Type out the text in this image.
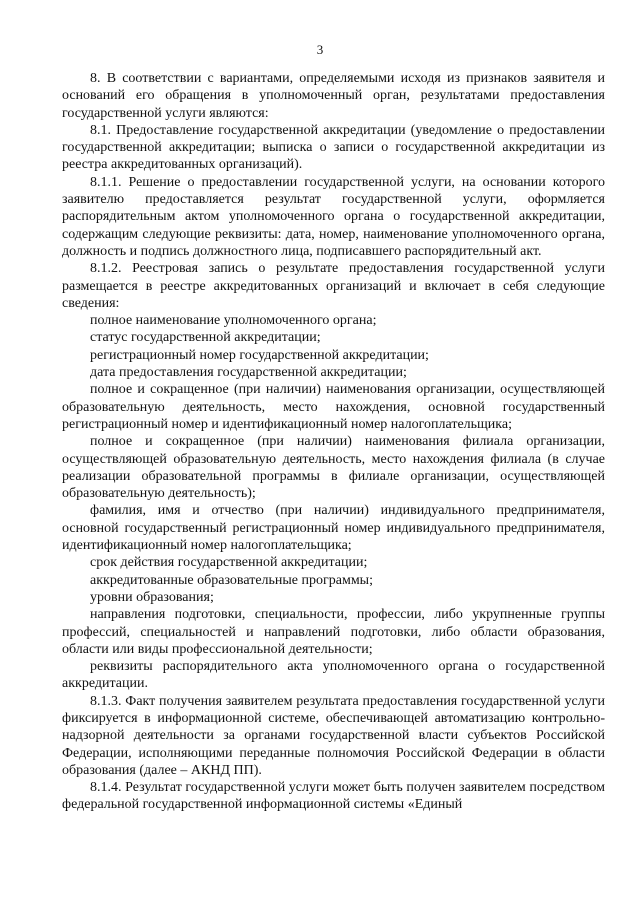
3

8. В соответствии с вариантами, определяемыми исходя из признаков заявителя и оснований его обращения в уполномоченный орган, результатами предоставления государственной услуги являются:

8.1. Предоставление государственной аккредитации (уведомление о предоставлении государственной аккредитации; выписка о записи о государственной аккредитации из реестра аккредитованных организаций).

8.1.1. Решение о предоставлении государственной услуги, на основании которого заявителю предоставляется результат государственной услуги, оформляется распорядительным актом уполномоченного органа о государственной аккредитации, содержащим следующие реквизиты: дата, номер, наименование уполномоченного органа, должность и подпись должностного лица, подписавшего распорядительный акт.

8.1.2. Реестровая запись о результате предоставления государственной услуги размещается в реестре аккредитованных организаций и включает в себя следующие сведения:

полное наименование уполномоченного органа;

статус государственной аккредитации;

регистрационный номер государственной аккредитации;

дата предоставления государственной аккредитации;

полное и сокращенное (при наличии) наименования организации, осуществляющей образовательную деятельность, место нахождения, основной государственный регистрационный номер и идентификационный номер налогоплательщика;

полное и сокращенное (при наличии) наименования филиала организации, осуществляющей образовательную деятельность, место нахождения филиала (в случае реализации образовательной программы в филиале организации, осуществляющей образовательную деятельность);

фамилия, имя и отчество (при наличии) индивидуального предпринимателя, основной государственный регистрационный номер индивидуального предпринимателя, идентификационный номер налогоплательщика;

срок действия государственной аккредитации;

аккредитованные образовательные программы;

уровни образования;

направления подготовки, специальности, профессии, либо укрупненные группы профессий, специальностей и направлений подготовки, либо области образования, области или виды профессиональной деятельности;

реквизиты распорядительного акта уполномоченного органа о государственной аккредитации.

8.1.3. Факт получения заявителем результата предоставления государственной услуги фиксируется в информационной системе, обеспечивающей автоматизацию контрольно-надзорной деятельности за органами государственной власти субъектов Российской Федерации, исполняющими переданные полномочия Российской Федерации в области образования (далее – АКНД ПП).

8.1.4. Результат государственной услуги может быть получен заявителем посредством федеральной государственной информационной системы «Единый
